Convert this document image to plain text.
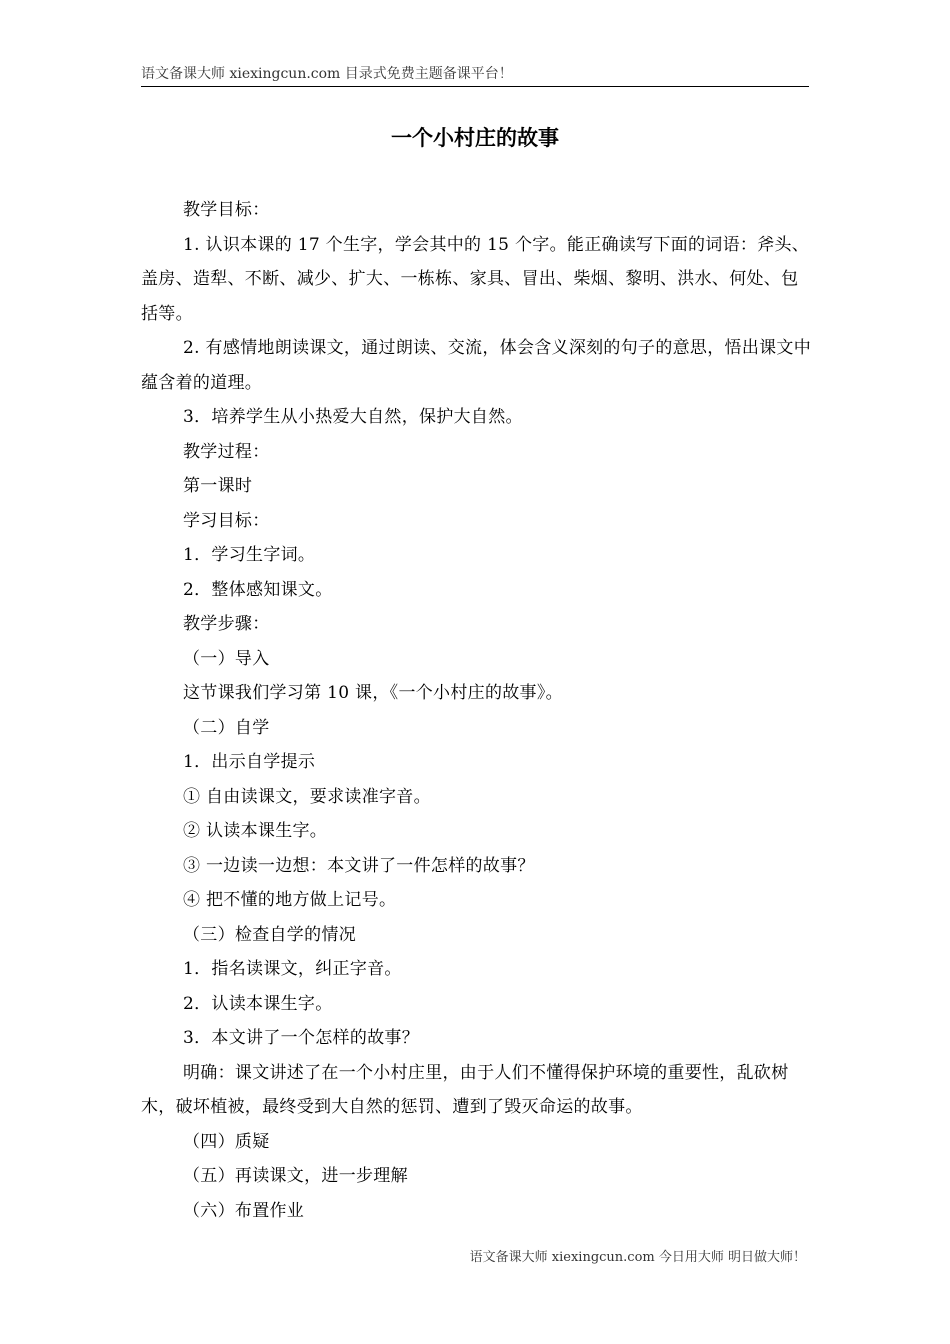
语文备课大师 xiexingcun.com 目录式免费主题备课平台！
一个小村庄的故事

教学目标：

1. 认识本课的 17 个生字，学会其中的 15 个字。能正确读写下面的词语：斧头、盖房、造犁、不断、减少、扩大、一栋栋、家具、冒出、柴烟、黎明、洪水、何处、包括等。

2. 有感情地朗读课文，通过朗读、交流，体会含义深刻的句子的意思，悟出课文中蕴含着的道理。

3．培养学生从小热爱大自然，保护大自然。

教学过程：

第一课时

学习目标：

1．学习生字词。

2．整体感知课文。

教学步骤：

（一）导入

这节课我们学习第 10 课，《一个小村庄的故事》。

（二）自学

1．出示自学提示

① 自由读课文，要求读准字音。

② 认读本课生字。

③ 一边读一边想：本文讲了一件怎样的故事？

④ 把不懂的地方做上记号。

（三）检查自学的情况

1．指名读课文，纠正字音。

2．认读本课生字。

3．本文讲了一个怎样的故事？

明确：课文讲述了在一个小村庄里，由于人们不懂得保护环境的重要性，乱砍树木，破坏植被，最终受到大自然的惩罚、遭到了毁灭命运的故事。

（四）质疑

（五）再读课文，进一步理解

（六）布置作业

语文备课大师 xiexingcun.com 今日用大师 明日做大师！
